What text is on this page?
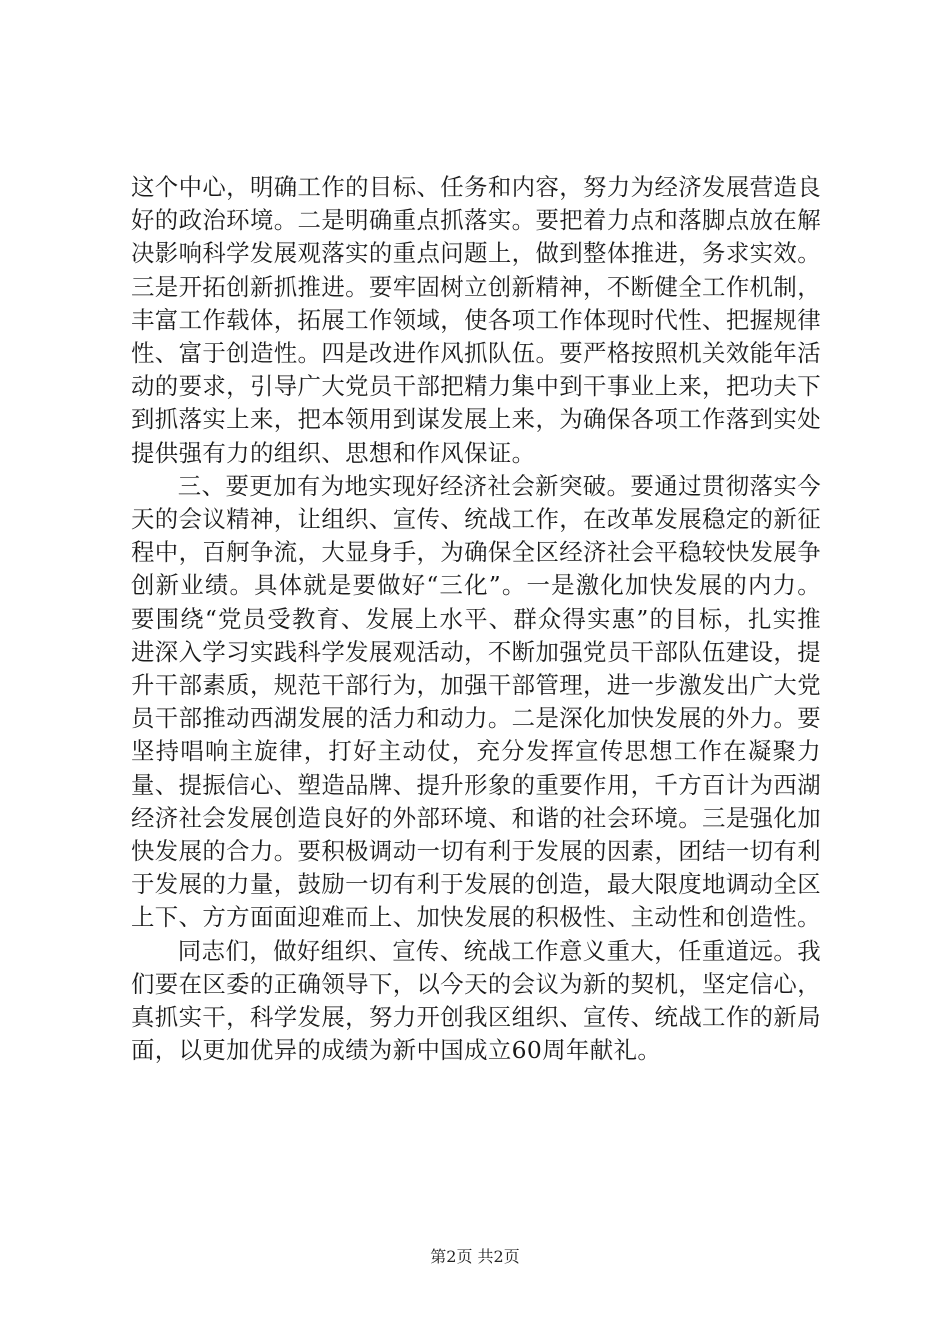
这个中心，明确工作的目标、任务和内容，努力为经济发展营造良好的政治环境。二是明确重点抓落实。要把着力点和落脚点放在解决影响科学发展观落实的重点问题上，做到整体推进，务求实效。三是开拓创新抓推进。要牢固树立创新精神，不断健全工作机制，丰富工作载体，拓展工作领域，使各项工作体现时代性、把握规律性、富于创造性。四是改进作风抓队伍。要严格按照机关效能年活动的要求，引导广大党员干部把精力集中到干事业上来，把功夫下到抓落实上来，把本领用到谋发展上来，为确保各项工作落到实处提供强有力的组织、思想和作风保证。

三、要更加有为地实现好经济社会新突破。要通过贯彻落实今天的会议精神，让组织、宣传、统战工作，在改革发展稳定的新征程中，百舸争流，大显身手，为确保全区经济社会平稳较快发展争创新业绩。具体就是要做好“三化”。一是激化加快发展的内力。要围绕“党员受教育、发展上水平、群众得实惠”的目标，扎实推进深入学习实践科学发展观活动，不断加强党员干部队伍建设，提升干部素质，规范干部行为，加强干部管理，进一步激发出广大党员干部推动西湖发展的活力和动力。二是深化加快发展的外力。要坚持唱响主旋律，打好主动仗，充分发挥宣传思想工作在凝聚力量、提振信心、塑造品牌、提升形象的重要作用，千方百计为西湖经济社会发展创造良好的外部环境、和谐的社会环境。三是强化加快发展的合力。要积极调动一切有利于发展的因素，团结一切有利于发展的力量，鼓励一切有利于发展的创造，最大限度地调动全区上下、方方面面迎难而上、加快发展的积极性、主动性和创造性。

同志们，做好组织、宣传、统战工作意义重大，任重道远。我们要在区委的正确领导下，以今天的会议为新的契机，坚定信心，真抓实干，科学发展，努力开创我区组织、宣传、统战工作的新局面，以更加优异的成绩为新中国成立60周年献礼。

第2页 共2页
